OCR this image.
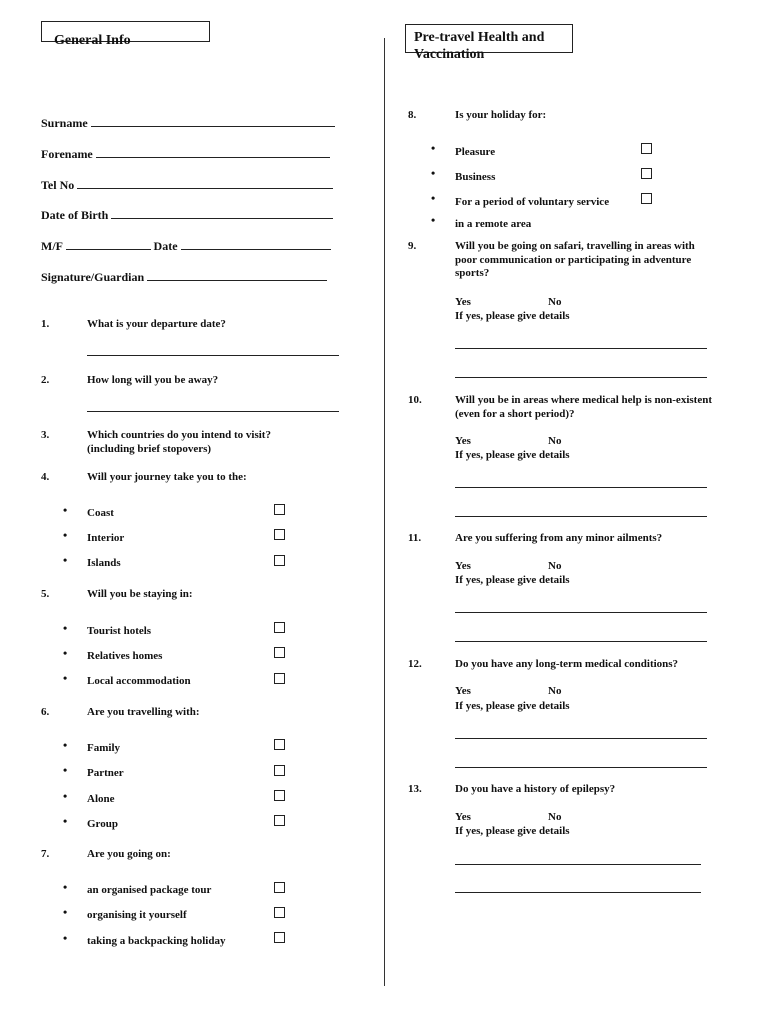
General Info	Pre-travel Health and Vaccination
Surname
Forename
Tel No
Date of Birth
M/F	Date
Signature/Guardian
1.	What is your departure date?
2.	How long will you be away?
3.	Which countries do you intend to visit? (including brief stopovers)
4.	Will your journey take you to the:
• Coast
• Interior
• Islands
5.	Will you be staying in:
• Tourist hotels
• Relatives homes
• Local accommodation
6.	Are you travelling with:
• Family
• Partner
• Alone
• Group
7.	Are you going on:
• an organised package tour
• organising it yourself
• taking a backpacking holiday
8.	Is your holiday for:
• Pleasure
• Business
• For a period of voluntary service
• in a remote area
9.	Will you be going on safari, travelling in areas with poor communication or participating in adventure sports?
Yes	No
If yes, please give details
10.	Will you be in areas where medical help is non-existent (even for a short period)?
Yes	No
If yes, please give details
11.	Are you suffering from any minor ailments?
Yes	No
If yes, please give details
12.	Do you have any long-term medical conditions?
Yes	No
If yes, please give details
13.	Do you have a history of epilepsy?
Yes	No
If yes, please give details
